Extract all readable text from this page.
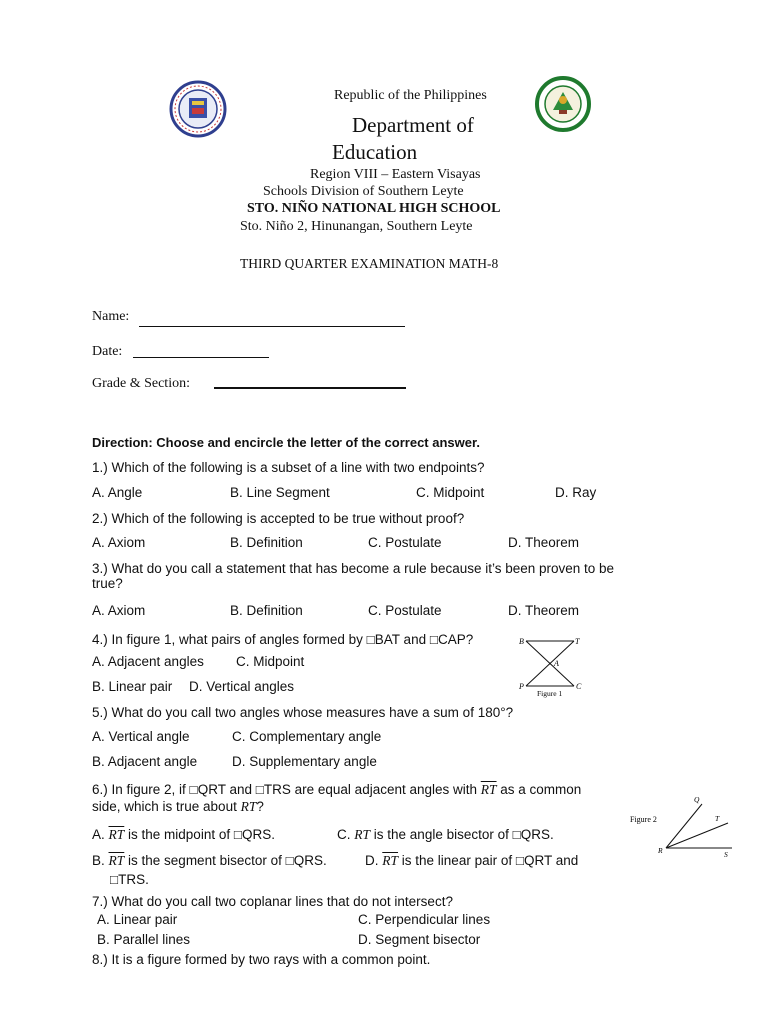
Republic of the Philippines
Department of
Education
Region VIII – Eastern Visayas
Schools Division of Southern Leyte
STO. NIÑO NATIONAL HIGH SCHOOL
Sto. Niño 2, Hinunangan, Southern Leyte
THIRD QUARTER EXAMINATION MATH-8
Name:
Date:
Grade & Section:
Direction: Choose and encircle the letter of the correct answer.
1.) Which of the following is a subset of a line with two endpoints?
A. Angle	B. Line Segment	C. Midpoint	D. Ray
2.) Which of the following is accepted to be true without proof?
A. Axiom	B. Definition	C. Postulate	D. Theorem
3.) What do you call a statement that has become a rule because it’s been proven to be
true?
A. Axiom	B. Definition	C. Postulate	D. Theorem
4.) In figure 1, what pairs of angles formed by □BAT and □CAP?
A. Adjacent angles C. Midpoint
B. Linear pair D. Vertical angles
B	T
A
P	C
Figure 1
5.) What do you call two angles whose measures have a sum of 180°?
A. Vertical angle	C. Complementary angle
B. Adjacent angle	D. Supplementary angle
6.) In figure 2, if □QRT and □TRS are equal adjacent angles with $\overline{RT}$ as a common
side, which is true about RT?
A. $\overline{RT}$ is the midpoint of □QRS.	C. RT is the angle bisector of □QRS.
B. $\overline{RT}$ is the segment bisector of □QRS.	D. $\overline{RT}$ is the linear pair of □QRT and
□TRS.
Q
T
R	S
Figure 2
7.) What do you call two coplanar lines that do not intersect?
A. Linear pair	C. Perpendicular lines
B. Parallel lines	D. Segment bisector
8.) It is a figure formed by two rays with a common point.
